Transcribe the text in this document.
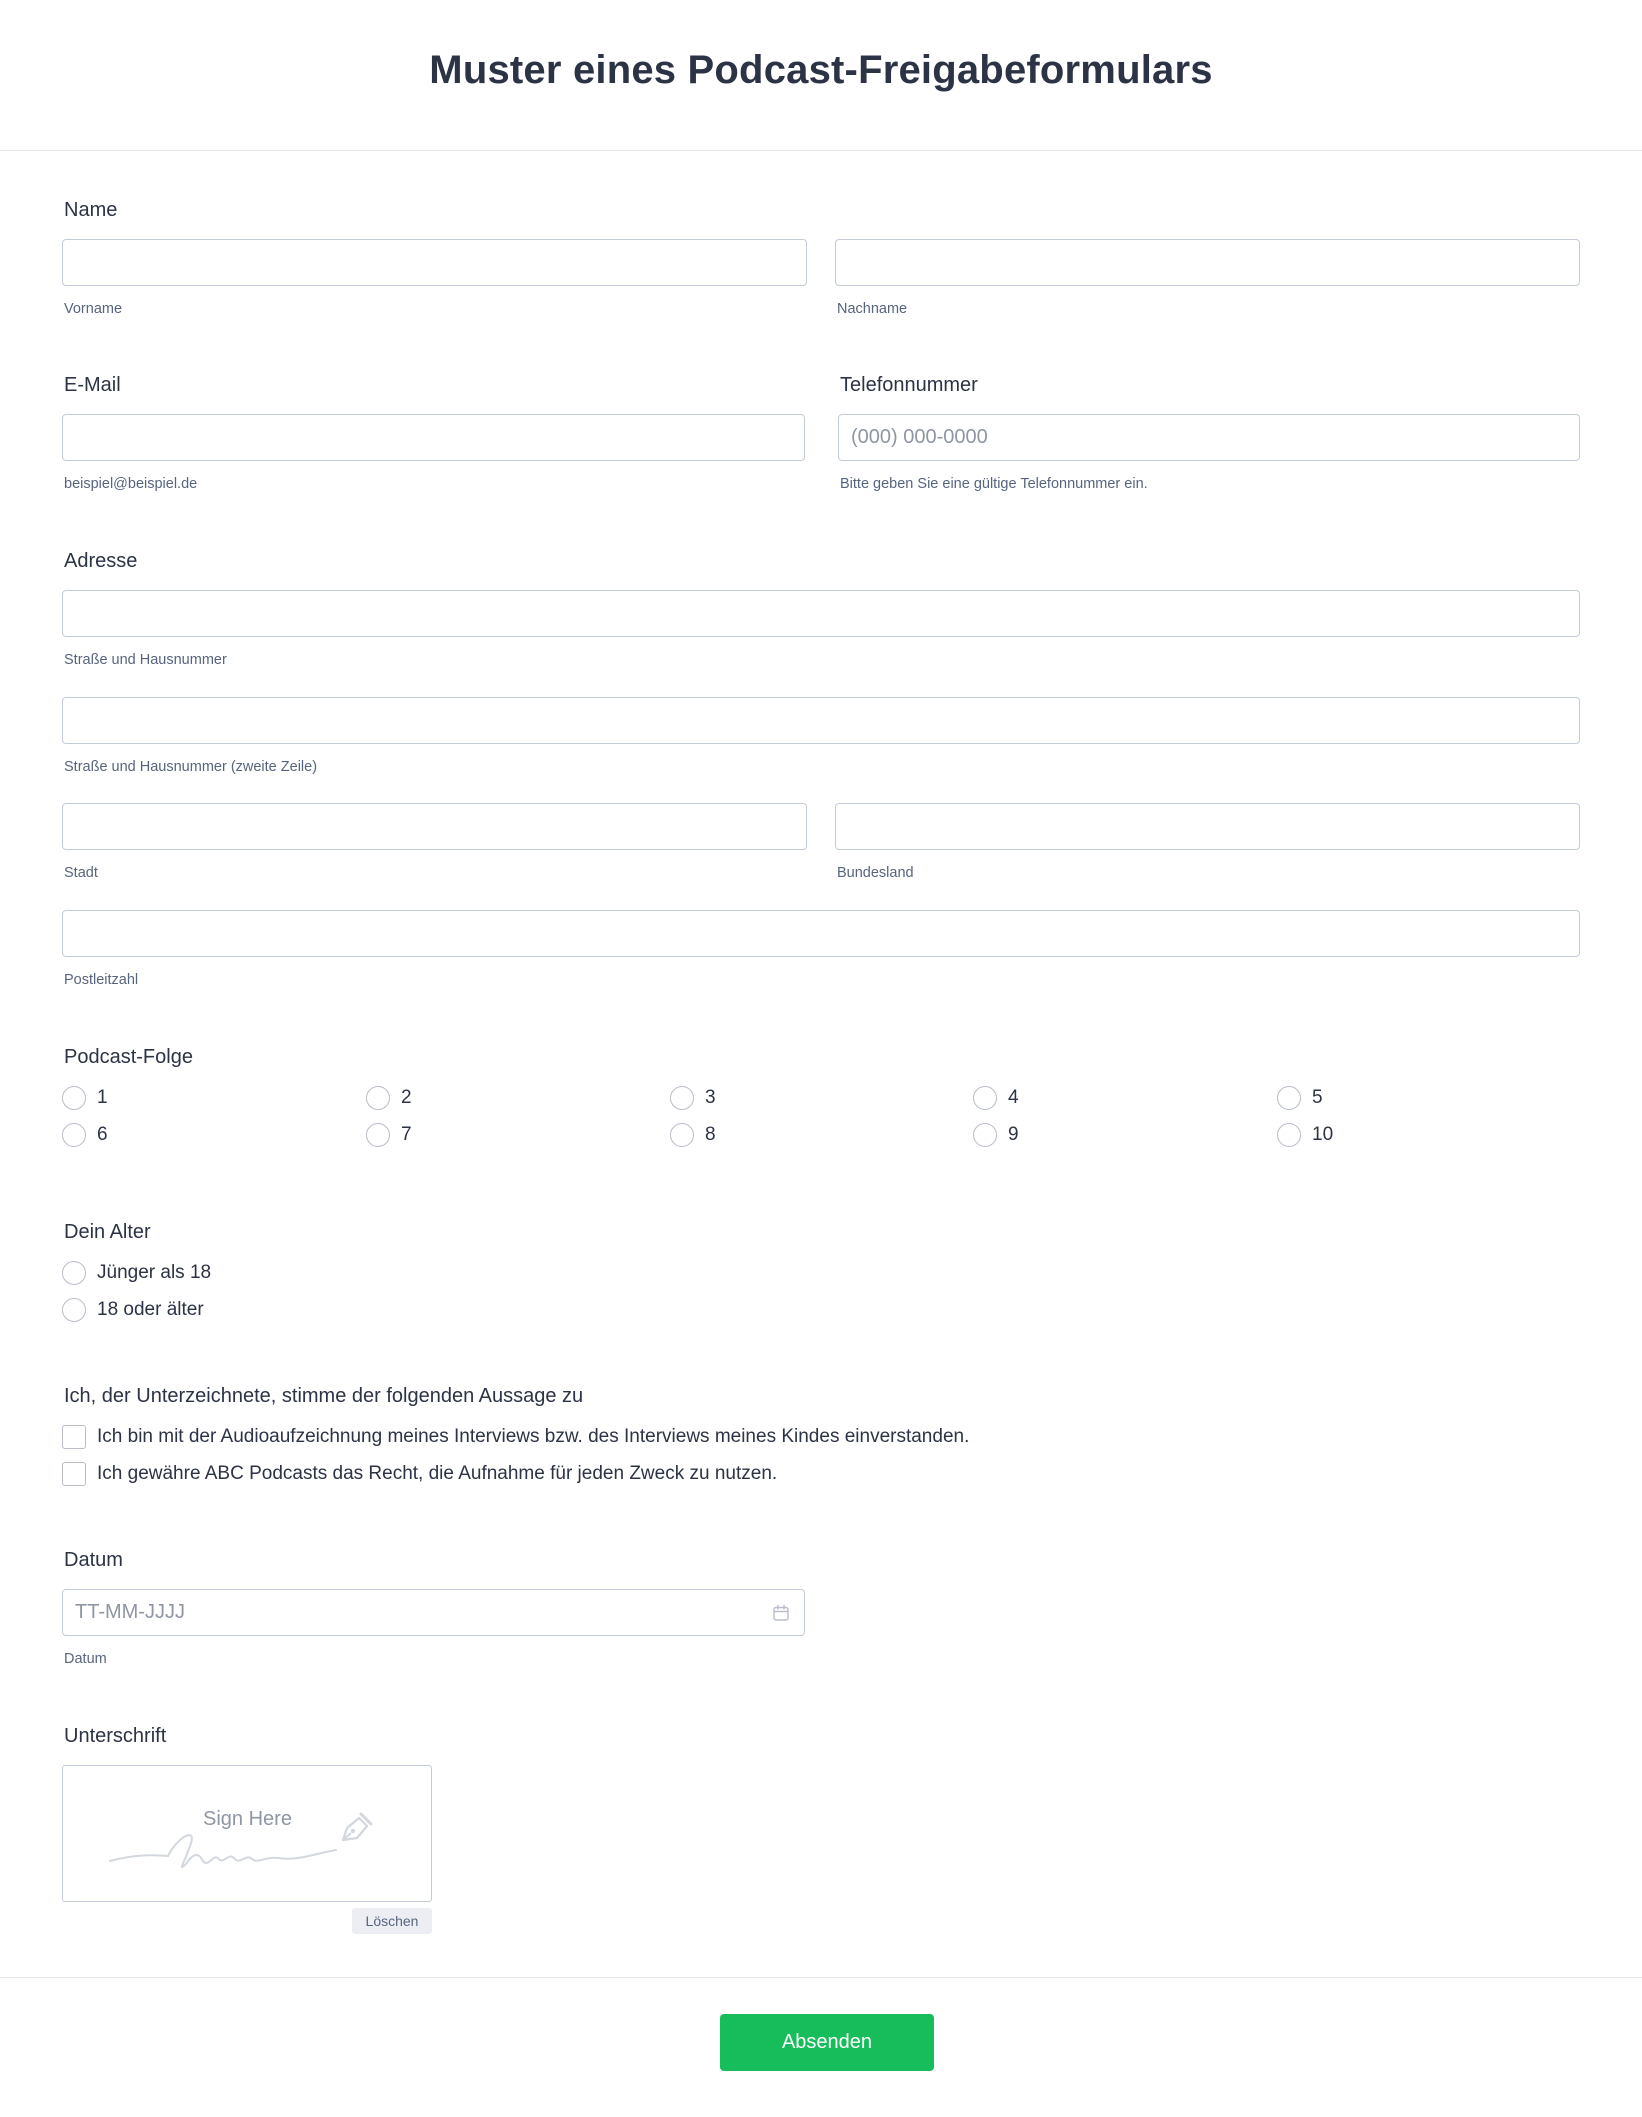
Muster eines Podcast-Freigabeformulars
Name
Vorname	Nachname
E-Mail
beispiel@beispiel.de
Telefonnummer
(000) 000-0000
Bitte geben Sie eine gültige Telefonnummer ein.
Adresse
Straße und Hausnummer
Straße und Hausnummer (zweite Zeile)
Stadt	Bundesland
Postleitzahl
Podcast-Folge
1	2	3	4	5
6	7	8	9	10
Dein Alter
Jünger als 18
18 oder älter
Ich, der Unterzeichnete, stimme der folgenden Aussage zu
Ich bin mit der Audioaufzeichnung meines Interviews bzw. des Interviews meines Kindes einverstanden.
Ich gewähre ABC Podcasts das Recht, die Aufnahme für jeden Zweck zu nutzen.
Datum
TT-MM-JJJJ
Datum
Unterschrift
Sign Here
Löschen
Absenden
